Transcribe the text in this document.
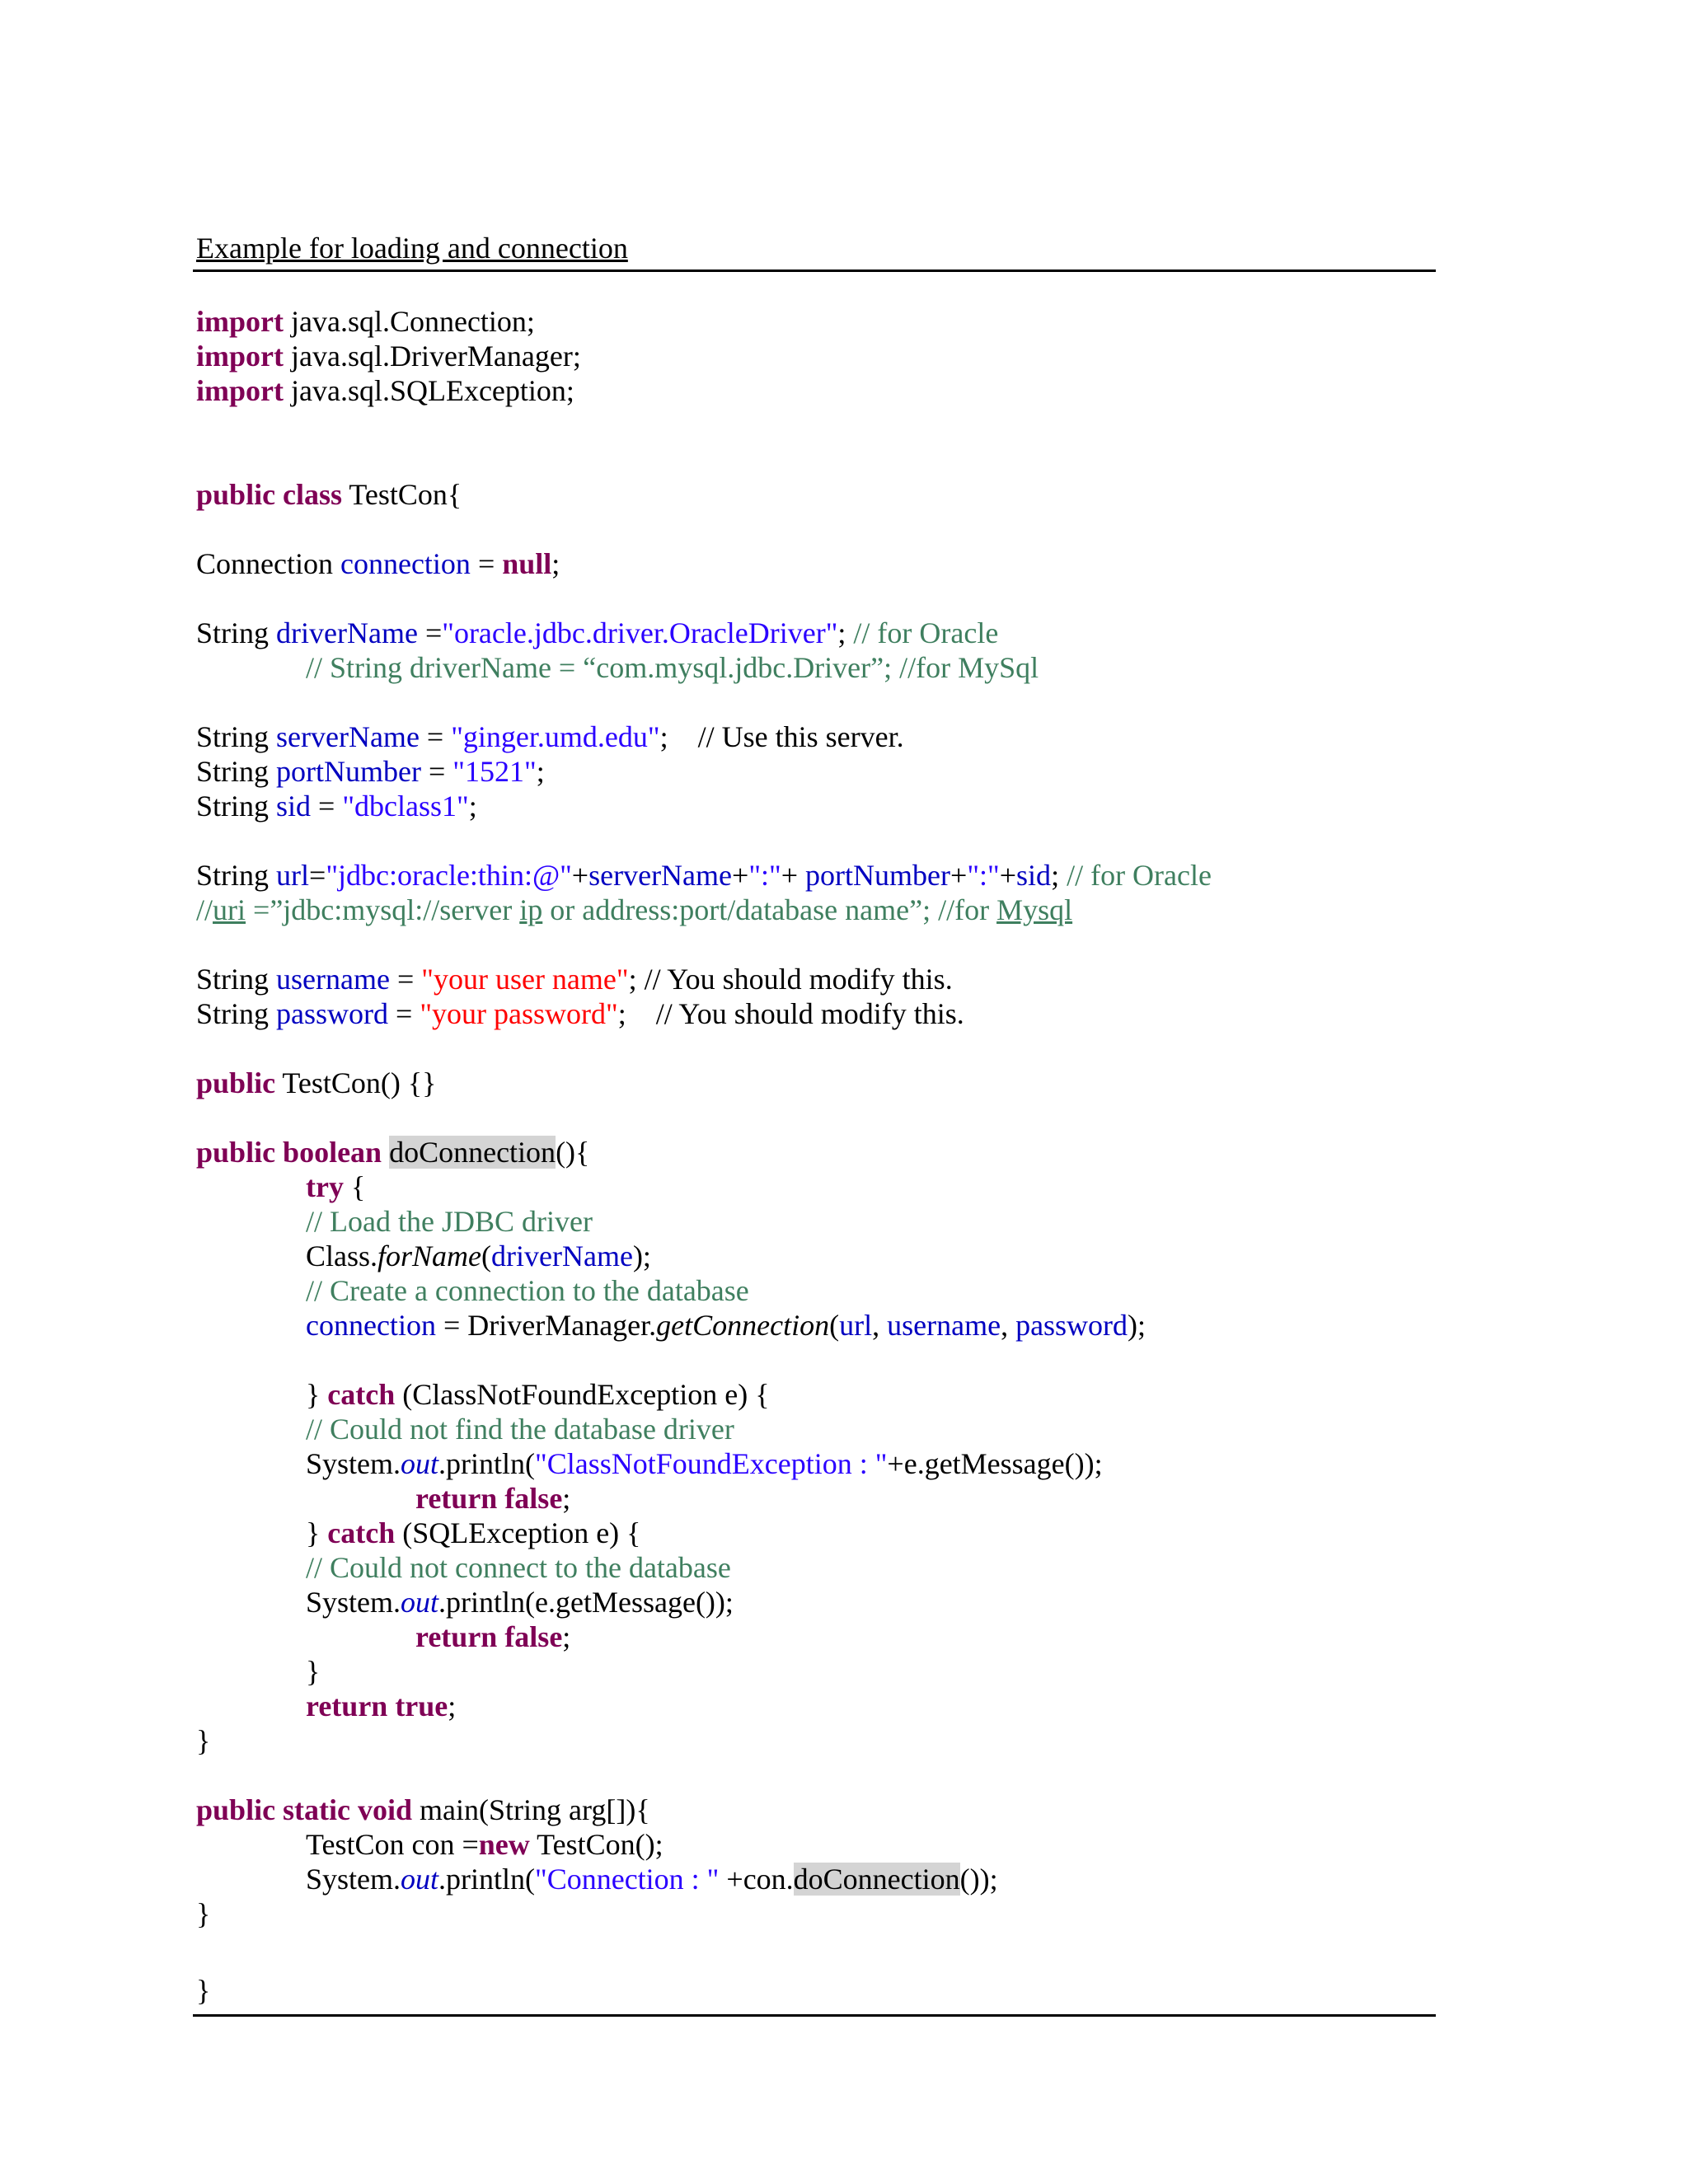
Example for loading and connection
import java.sql.Connection;
import java.sql.DriverManager;
import java.sql.SQLException;
public class TestCon{
Connection connection = null;
String driverName ="oracle.jdbc.driver.OracleDriver"; // for Oracle
// String driverName = “com.mysql.jdbc.Driver”; //for MySql
String serverName = "ginger.umd.edu";    // Use this server.
String portNumber = "1521";
String sid = "dbclass1";
String url="jdbc:oracle:thin:@"+serverName+":"+ portNumber+":"+sid; // for Oracle
//uri =”jdbc:mysql://server ip or address:port/database name”; //for Mysql
String username = "your user name"; // You should modify this.
String password = "your password";    // You should modify this.
public TestCon() {}
public boolean doConnection(){
try {
// Load the JDBC driver
Class.forName(driverName);
// Create a connection to the database
connection = DriverManager.getConnection(url, username, password);
} catch (ClassNotFoundException e) {
// Could not find the database driver
System.out.println("ClassNotFoundException : "+e.getMessage());
return false;
} catch (SQLException e) {
// Could not connect to the database
System.out.println(e.getMessage());
return false;
}
return true;
}
public static void main(String arg[]){
TestCon con =new TestCon();
System.out.println("Connection : " +con.doConnection());
}
}
